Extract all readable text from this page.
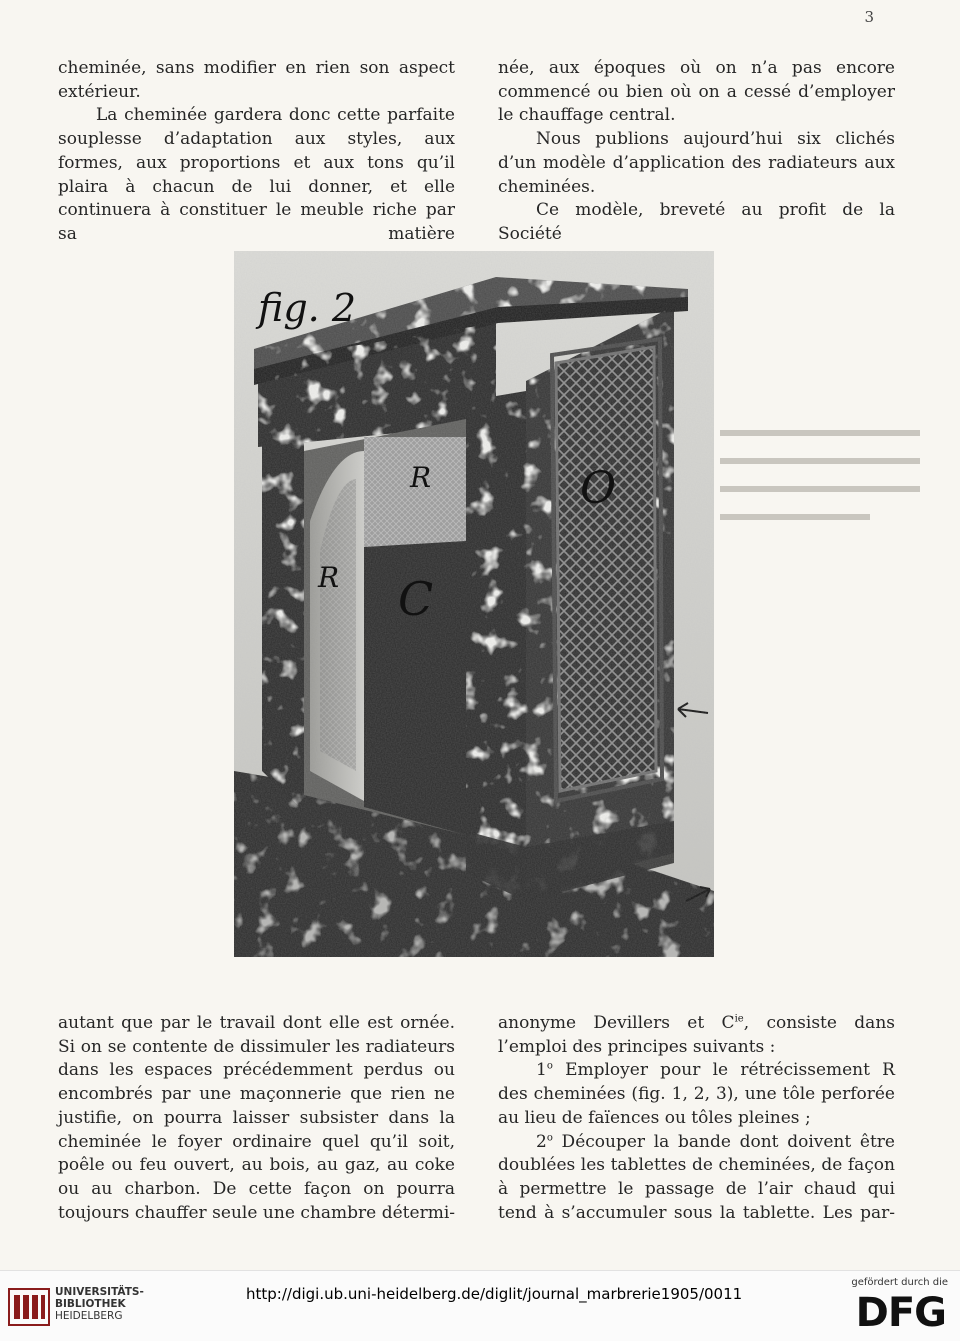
3

cheminée, sans modifier en rien son aspect extérieur.

La cheminée gardera donc cette parfaite souplesse d’adaptation aux styles, aux formes, aux proportions et aux tons qu’il plaira à chacun de lui donner, et elle continuera à constituer le meuble riche par sa matière

née, aux époques où on n’a pas encore commencé ou bien où on a cessé d’employer le chauffage central.

Nous publions aujourd’hui six clichés d’un modèle d’application des radiateurs aux cheminées.

Ce modèle, breveté au profit de la Société

fig. 2
R
R C
O

autant que par le travail dont elle est ornée. Si on se contente de dissimuler les radiateurs dans les espaces précédemment perdus ou encombrés par une maçonnerie que rien ne justifie, on pourra laisser subsister dans la cheminée le foyer ordinaire quel qu’il soit, poêle ou feu ouvert, au bois, au gaz, au coke ou au charbon. De cette façon on pourra toujours chauffer seule une chambre détermi-

anonyme Devillers et $C^{ie}$, consiste dans l’emploi des principes suivants :

1$^o$ Employer pour le rétrécissement R des cheminées (fig. 1, 2, 3), une tôle perforée au lieu de faïences ou tôles pleines ;

2$^o$ Découper la bande dont doivent être doublées les tablettes de cheminées, de façon à permettre le passage de l’air chaud qui tend à s’accumuler sous la tablette. Les par-

UNIVERSITÄTS-
BIBLIOTHEK
HEIDELBERG
http://digi.ub.uni-heidelberg.de/diglit/journal_marbrerie1905/0011
gefördert durch die
DFG
